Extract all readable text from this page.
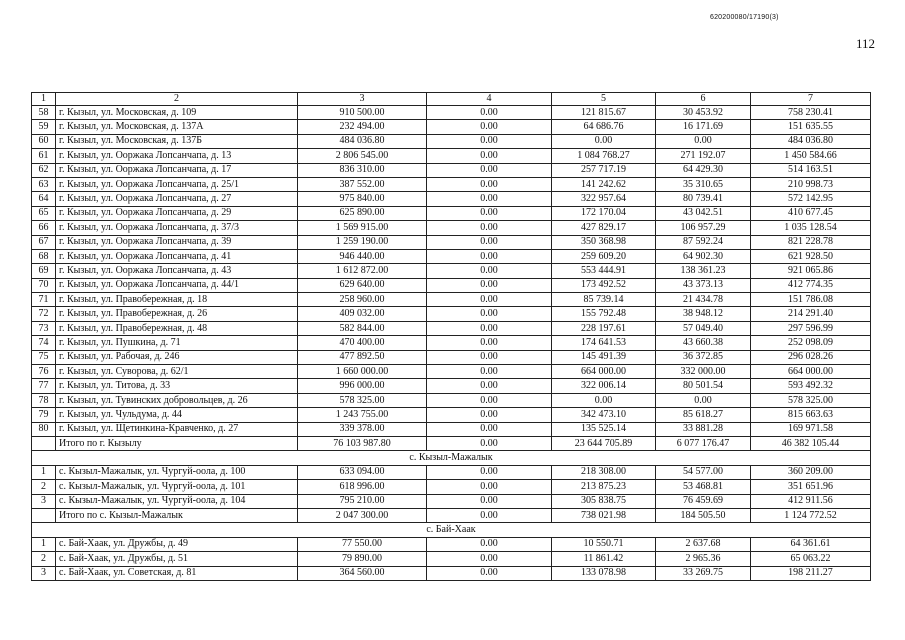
620200080/17190(3)
112
1	2	3	4	5	6	7
58	г. Кызыл, ул. Московская, д. 109	910 500.00	0.00	121 815.67	30 453.92	758 230.41
59	г. Кызыл, ул. Московская, д. 137А	232 494.00	0.00	64 686.76	16 171.69	151 635.55
60	г. Кызыл, ул. Московская, д. 137Б	484 036.80	0.00	0.00	0.00	484 036.80
61	г. Кызыл, ул. Ооржака Лопсанчапа, д. 13	2 806 545.00	0.00	1 084 768.27	271 192.07	1 450 584.66
62	г. Кызыл, ул. Ооржака Лопсанчапа, д. 17	836 310.00	0.00	257 717.19	64 429.30	514 163.51
63	г. Кызыл, ул. Ооржака Лопсанчапа, д. 25/1	387 552.00	0.00	141 242.62	35 310.65	210 998.73
64	г. Кызыл, ул. Ооржака Лопсанчапа, д. 27	975 840.00	0.00	322 957.64	80 739.41	572 142.95
65	г. Кызыл, ул. Ооржака Лопсанчапа, д. 29	625 890.00	0.00	172 170.04	43 042.51	410 677.45
66	г. Кызыл, ул. Ооржака Лопсанчапа, д. 37/3	1 569 915.00	0.00	427 829.17	106 957.29	1 035 128.54
67	г. Кызыл, ул. Ооржака Лопсанчапа, д. 39	1 259 190.00	0.00	350 368.98	87 592.24	821 228.78
68	г. Кызыл, ул. Ооржака Лопсанчапа, д. 41	946 440.00	0.00	259 609.20	64 902.30	621 928.50
69	г. Кызыл, ул. Ооржака Лопсанчапа, д. 43	1 612 872.00	0.00	553 444.91	138 361.23	921 065.86
70	г. Кызыл, ул. Ооржака Лопсанчапа, д. 44/1	629 640.00	0.00	173 492.52	43 373.13	412 774.35
71	г. Кызыл, ул. Правобережная, д. 18	258 960.00	0.00	85 739.14	21 434.78	151 786.08
72	г. Кызыл, ул. Правобережная, д. 26	409 032.00	0.00	155 792.48	38 948.12	214 291.40
73	г. Кызыл, ул. Правобережная, д. 48	582 844.00	0.00	228 197.61	57 049.40	297 596.99
74	г. Кызыл, ул. Пушкина, д. 71	470 400.00	0.00	174 641.53	43 660.38	252 098.09
75	г. Кызыл, ул. Рабочая, д. 246	477 892.50	0.00	145 491.39	36 372.85	296 028.26
76	г. Кызыл, ул. Суворова, д. 62/1	1 660 000.00	0.00	664 000.00	332 000.00	664 000.00
77	г. Кызыл, ул. Титова, д. 33	996 000.00	0.00	322 006.14	80 501.54	593 492.32
78	г. Кызыл, ул. Тувинских добровольцев, д. 26	578 325.00	0.00	0.00	0.00	578 325.00
79	г. Кызыл, ул. Чульдума, д. 44	1 243 755.00	0.00	342 473.10	85 618.27	815 663.63
80	г. Кызыл, ул. Щетинкина-Кравченко, д. 27	339 378.00	0.00	135 525.14	33 881.28	169 971.58
	Итого по г. Кызылу	76 103 987.80	0.00	23 644 705.89	6 077 176.47	46 382 105.44
с. Кызыл-Мажалык						
1	с. Кызыл-Мажалык, ул. Чургуй-оола, д. 100	633 094.00	0.00	218 308.00	54 577.00	360 209.00
2	с. Кызыл-Мажалык, ул. Чургуй-оола, д. 101	618 996.00	0.00	213 875.23	53 468.81	351 651.96
3	с. Кызыл-Мажалык, ул. Чургуй-оола, д. 104	795 210.00	0.00	305 838.75	76 459.69	412 911.56
	Итого по с. Кызыл-Мажалык	2 047 300.00	0.00	738 021.98	184 505.50	1 124 772.52
с. Бай-Хаак						
1	с. Бай-Хаак, ул. Дружбы, д. 49	77 550.00	0.00	10 550.71	2 637.68	64 361.61
2	с. Бай-Хаак, ул. Дружбы, д. 51	79 890.00	0.00	11 861.42	2 965.36	65 063.22
3	с. Бай-Хаак, ул. Советская, д. 81	364 560.00	0.00	133 078.98	33 269.75	198 211.27
